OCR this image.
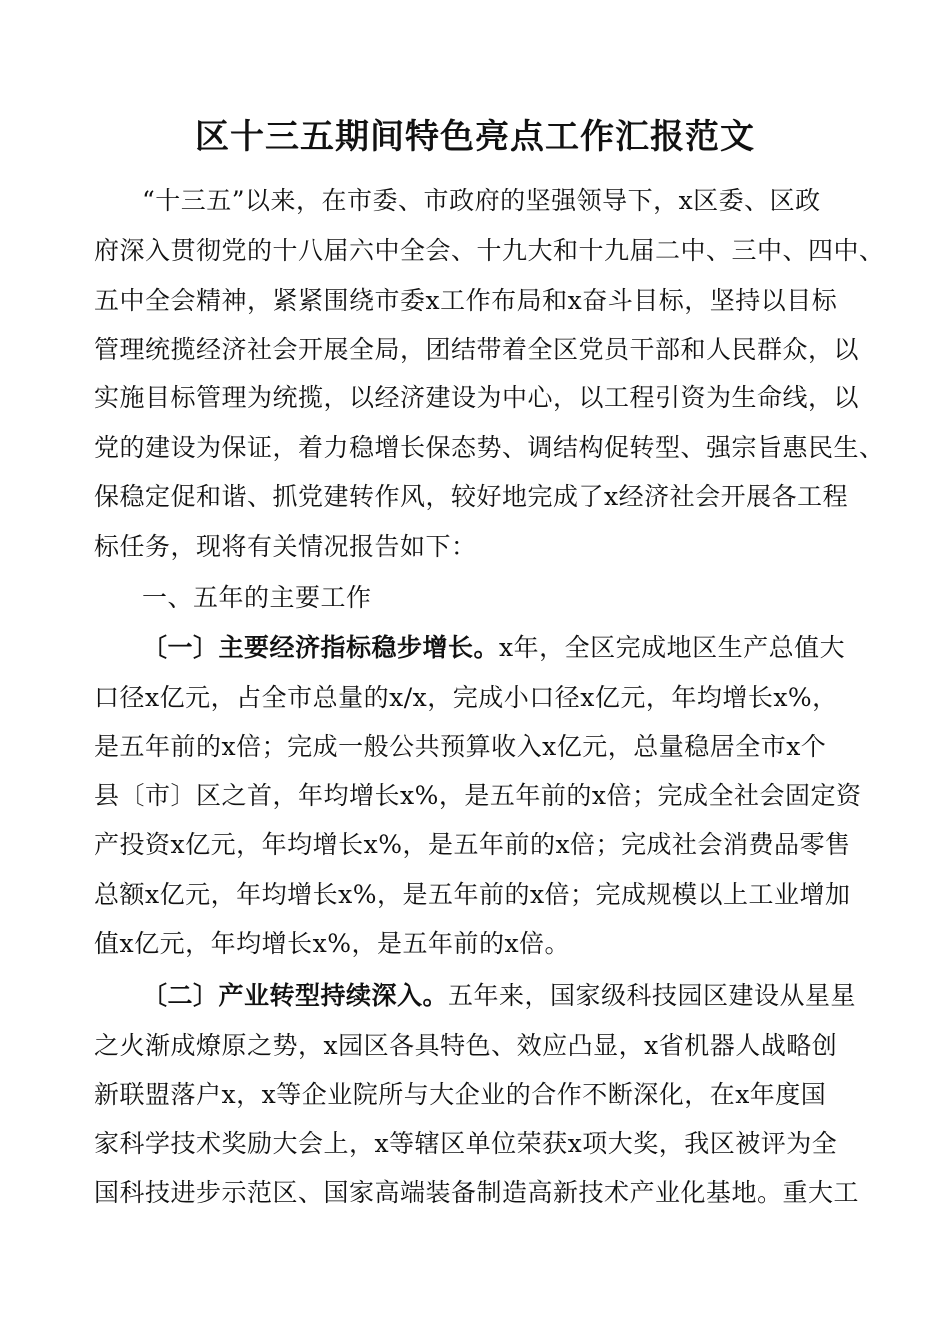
区十三五期间特色亮点工作汇报范文
“十三五”以来，在市委、市政府的坚强领导下，x区委、区政
府深入贯彻党的十八届六中全会、十九大和十九届二中、三中、四中、
五中全会精神，紧紧围绕市委x工作布局和x奋斗目标，坚持以目标
管理统揽经济社会开展全局，团结带着全区党员干部和人民群众，以
实施目标管理为统揽，以经济建设为中心，以工程引资为生命线，以
党的建设为保证，着力稳增长保态势、调结构促转型、强宗旨惠民生、
保稳定促和谐、抓党建转作风，较好地完成了x经济社会开展各工程
标任务，现将有关情况报告如下：
一、五年的主要工作
〔一〕主要经济指标稳步增长。x年，全区完成地区生产总值大
口径x亿元，占全市总量的x/x，完成小口径x亿元，年均增长x%，
是五年前的x倍；完成一般公共预算收入x亿元，总量稳居全市x个
县〔市〕区之首，年均增长x%，是五年前的x倍；完成全社会固定资
产投资x亿元，年均增长x%，是五年前的x倍；完成社会消费品零售
总额x亿元，年均增长x%，是五年前的x倍；完成规模以上工业增加
值x亿元，年均增长x%，是五年前的x倍。
〔二〕产业转型持续深入。五年来，国家级科技园区建设从星星
之火渐成燎原之势，x园区各具特色、效应凸显，x省机器人战略创
新联盟落户x，x等企业院所与大企业的合作不断深化，在x年度国
家科学技术奖励大会上，x等辖区单位荣获x项大奖，我区被评为全
国科技进步示范区、国家高端装备制造高新技术产业化基地。重大工
